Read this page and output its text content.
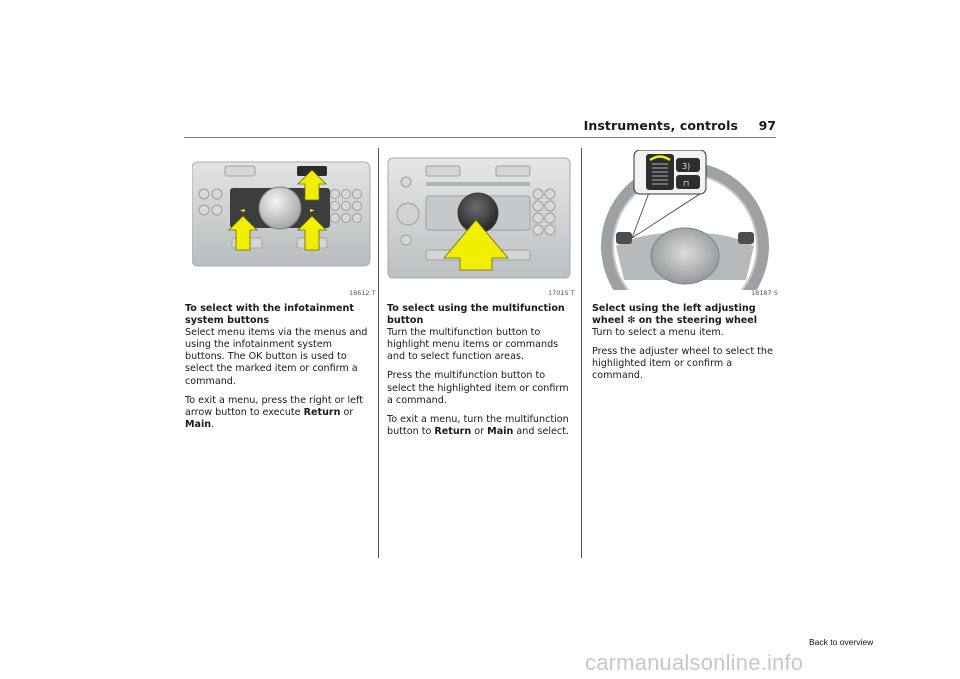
Instruments, controls 97
◄	►
18612 T	17015 T
3)
⊓
18187 S
To select with the infotainment system buttons

Select menu items via the menus and using the infotainment system buttons. The OK button is used to select the marked item or confirm a command.

To exit a menu, press the right or left arrow button to execute Return or Main.

To select using the multifunction button

Turn the multifunction button to highlight menu items or commands and to select function areas.

Press the multifunction button to select the highlighted item or confirm a command.

To exit a menu, turn the multifunction button to Return or Main and select.

Select using the left adjusting wheel ❇ on the steering wheel

Turn to select a menu item.

Press the adjuster wheel to select the highlighted item or confirm a command.

Back to overview
carmanualsonline.info
